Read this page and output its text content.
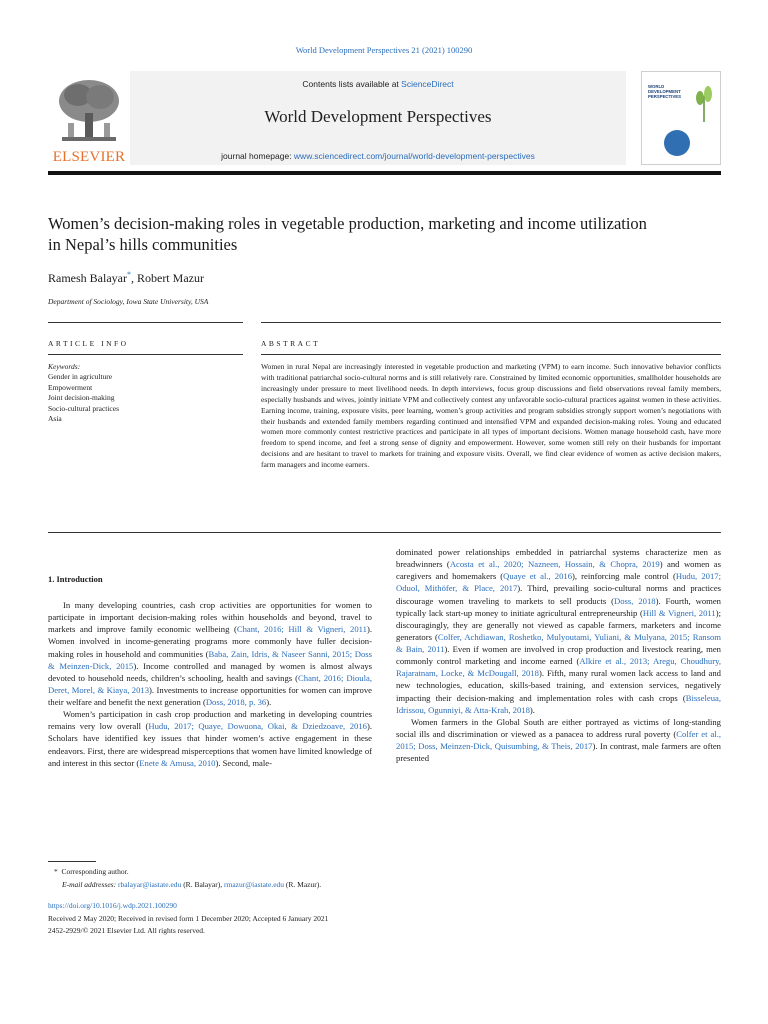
World Development Perspectives 21 (2021) 100290
ELSEVIER
Contents lists available at ScienceDirect
World Development Perspectives
journal homepage: www.sciencedirect.com/journal/world-development-perspectives
WORLD DEVELOPMENT PERSPECTIVES
Women’s decision-making roles in vegetable production, marketing and income utilization in Nepal’s hills communities
Ramesh Balayar*, Robert Mazur
Department of Sociology, Iowa State University, USA
ARTICLE INFO	ABSTRACT
Keywords:
Gender in agriculture
Empowerment
Joint decision-making
Socio-cultural practices
Asia
Women in rural Nepal are increasingly interested in vegetable production and marketing (VPM) to earn income. Such innovative behavior conflicts with traditional patriarchal socio-cultural norms and is still relatively rare. Constrained by limited economic opportunities, smallholder households are increasingly under pressure to meet livelihood needs. In depth interviews, focus group discussions and field observations reveal family members, especially husbands and wives, jointly initiate VPM and collectively contest any unfavorable socio-cultural practices against women in these activities. Earning income, training, exposure visits, peer learning, women’s group activities and program subsidies strongly support women’s negotiations with their husbands and extended family members regarding continued and intensified VPM and expanded decision-making roles. Young and educated women more commonly contest restrictive practices and participate in all types of important decisions. Women manage household cash, have more freedom to spend income, and feel a strong sense of dignity and empowerment. However, some women still rely on their husbands for important decisions and are hesitant to travel to markets for training and exposure visits. Overall, we find clear evidence of women as active decision makers, farm managers and income earners.
1. Introduction

In many developing countries, cash crop activities are opportunities for women to participate in important decision-making roles within households and beyond, travel to markets and improve family economic wellbeing (Chant, 2016; Hill & Vigneri, 2011). Women involved in income-generating programs more commonly have fuller decision-making roles in household and communities (Baba, Zain, Idris, & Naseer Sanni, 2015; Doss & Meinzen-Dick, 2015). Income controlled and managed by women is almost always devoted to household needs, children’s schooling, health and savings (Chant, 2016; Dioula, Deret, Morel, & Kiaya, 2013). Investments to increase opportunities for women can improve their welfare and benefit the next generation (Doss, 2018, p. 36).

Women’s participation in cash crop production and marketing in developing countries remains very low overall (Hudu, 2017; Quaye, Dowuona, Okai, & Dziedzoave, 2016). Scholars have identified key issues that hinder women’s active engagement in these endeavors. First, there are widespread misperceptions that women have limited knowledge of and interest in this sector (Enete & Amusa, 2010). Second, male-

dominated power relationships embedded in patriarchal systems characterize men as breadwinners (Acosta et al., 2020; Nazneen, Hossain, & Chopra, 2019) and women as caregivers and homemakers (Quaye et al., 2016), reinforcing male control (Hudu, 2017; Oduol, Mithöfer, & Place, 2017). Third, prevailing socio-cultural norms and practices discourage women traveling to markets to sell products (Doss, 2018). Fourth, women typically lack start-up money to initiate agricultural entrepreneurship (Hill & Vigneri, 2011); discouragingly, they are generally not viewed as capable farmers, marketers and income generators (Colfer, Achdiawan, Roshetko, Mulyoutami, Yuliani, & Mulyana, 2015; Ransom & Bain, 2011). Even if women are involved in crop production and livestock rearing, men commonly control marketing and income earned (Alkire et al., 2013; Aregu, Choudhury, Rajaratnam, Locke, & McDougall, 2018). Fifth, many rural women lack access to land and new technologies, education, skills-based training, and extension services, negatively impacting their decision-making and implementation roles with cash crops (Bisseleua, Idrissou, Ogunniyi, & Atta-Krah, 2018).

Women farmers in the Global South are either portrayed as victims of long-standing social ills and discrimination or viewed as a panacea to address rural poverty (Colfer et al., 2015; Doss, Meinzen-Dick, Quisumbing, & Theis, 2017). In contrast, male farmers are often presented

* Corresponding author.
E-mail addresses: rbalayar@iastate.edu (R. Balayar), rmazur@iastate.edu (R. Mazur).
https://doi.org/10.1016/j.wdp.2021.100290
Received 2 May 2020; Received in revised form 1 December 2020; Accepted 6 January 2021
2452-2929/© 2021 Elsevier Ltd. All rights reserved.
